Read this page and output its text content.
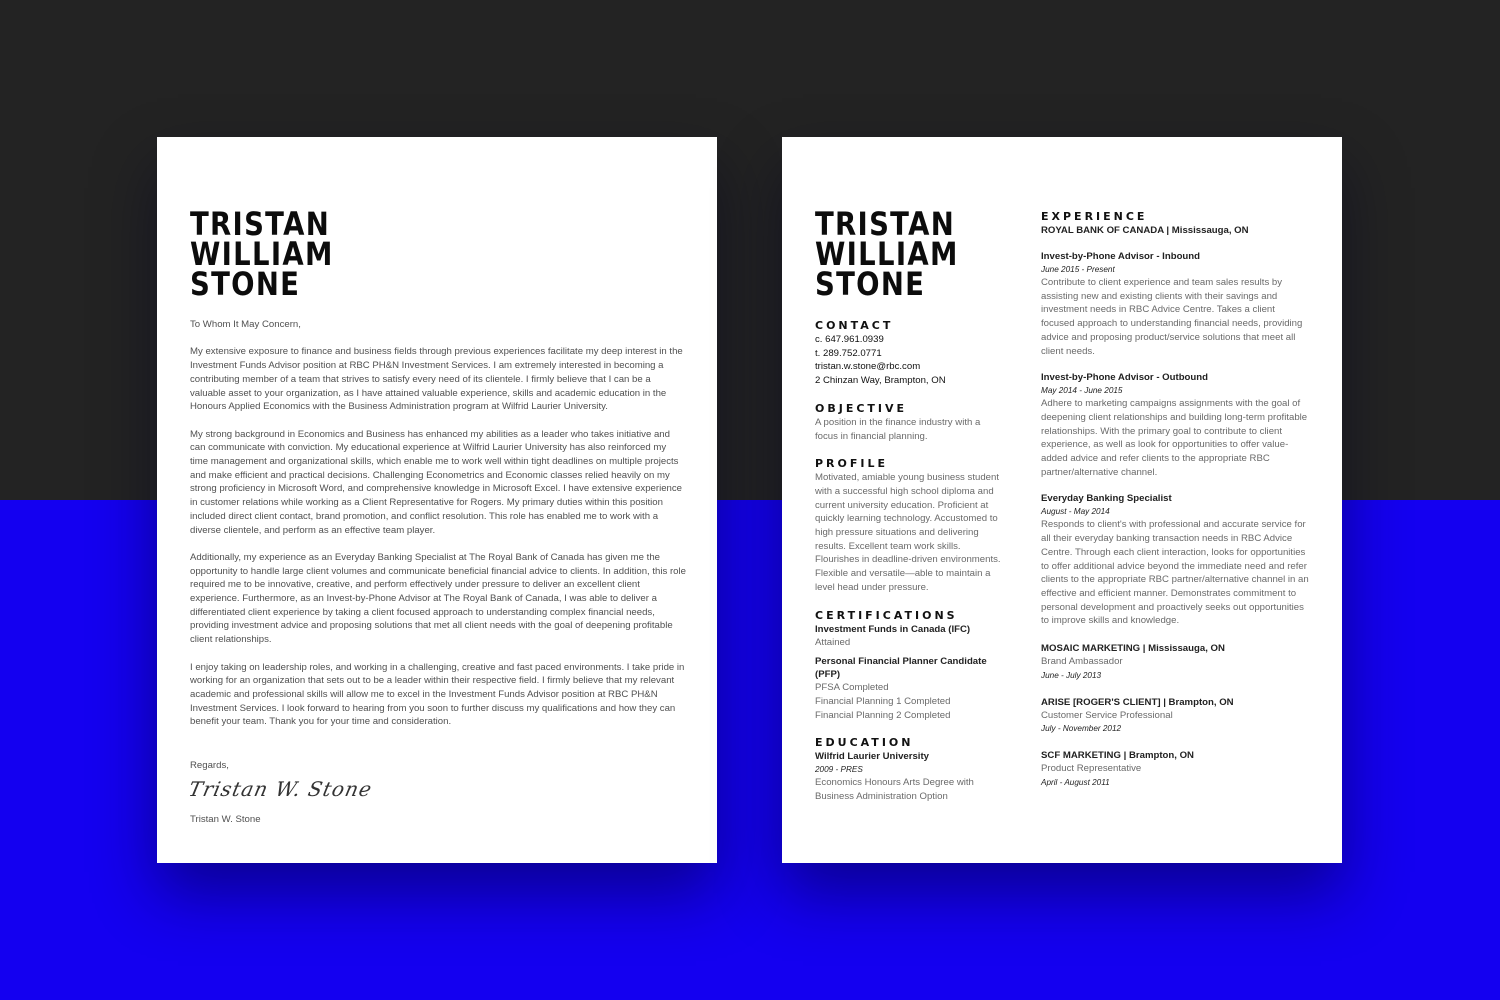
TRISTAN
WILLIAM
STONE

To Whom It May Concern,

My extensive exposure to finance and business fields through previous experiences facilitate my deep interest in the Investment Funds Advisor position at RBC PH&N Investment Services. I am extremely interested in becoming a contributing member of a team that strives to satisfy every need of its clientele. I firmly believe that I can be a valuable asset to your organization, as I have attained valuable experience, skills and academic education in the Honours Applied Economics with the Business Administration program at Wilfrid Laurier University.

My strong background in Economics and Business has enhanced my abilities as a leader who takes initiative and can communicate with conviction. My educational experience at Wilfrid Laurier University has also reinforced my time management and organizational skills, which enable me to work well within tight deadlines on multiple projects and make efficient and practical decisions. Challenging Econometrics and Economic classes relied heavily on my strong proficiency in Microsoft Word, and comprehensive knowledge in Microsoft Excel. I have extensive experience in customer relations while working as a Client Representative for Rogers. My primary duties within this position included direct client contact, brand promotion, and conflict resolution. This role has enabled me to work with a diverse clientele, and perform as an effective team player.

Additionally, my experience as an Everyday Banking Specialist at The Royal Bank of Canada has given me the opportunity to handle large client volumes and communicate beneficial financial advice to clients. In addition, this role required me to be innovative, creative, and perform effectively under pressure to deliver an excellent client experience. Furthermore, as an Invest-by-Phone Advisor at The Royal Bank of Canada, I was able to deliver a differentiated client experience by taking a client focused approach to understanding complex financial needs, providing investment advice and proposing solutions that met all client needs with the goal of deepening profitable client relationships.

I enjoy taking on leadership roles, and working in a challenging, creative and fast paced environments. I take pride in working for an organization that sets out to be a leader within their respective field. I firmly believe that my relevant academic and professional skills will allow me to excel in the Investment Funds Advisor position at RBC PH&N Investment Services. I look forward to hearing from you soon to further discuss my qualifications and how they can benefit your team. Thank you for your time and consideration.

Regards,
Tristan W. Stone
Tristan W. Stone
TRISTAN
WILLIAM
STONE
CONTACT
c. 647.961.0939
t. 289.752.0771
tristan.w.stone@rbc.com
2 Chinzan Way, Brampton, ON
OBJECTIVE

A position in the finance industry with a focus in financial planning.

PROFILE

Motivated, amiable young business student with a successful high school diploma and current university education. Proficient at quickly learning technology. Accustomed to high pressure situations and delivering results. Excellent team work skills. Flourishes in deadline-driven environments. Flexible and versatile—able to maintain a level head under pressure.

CERTIFICATIONS

Investment Funds in Canada (IFC)

Attained

Personal Financial Planner Candidate (PFP)

PFSA Completed

Financial Planning 1 Completed

Financial Planning 2 Completed

EDUCATION

Wilfrid Laurier University

2009 - PRES

Economics Honours Arts Degree with Business Administration Option

EXPERIENCE

ROYAL BANK OF CANADA | Mississauga, ON

Invest-by-Phone Advisor - Inbound

June 2015 - Present

Contribute to client experience and team sales results by assisting new and existing clients with their savings and investment needs in RBC Advice Centre. Takes a client focused approach to understanding financial needs, providing advice and proposing product/service solutions that meet all client needs.

Invest-by-Phone Advisor - Outbound

May 2014 - June 2015

Adhere to marketing campaigns assignments with the goal of deepening client relationships and building long-term profitable relationships. With the primary goal to contribute to client experience, as well as look for opportunities to offer value-added advice and refer clients to the appropriate RBC partner/alternative channel.

Everyday Banking Specialist

August - May 2014

Responds to client's with professional and accurate service for all their everyday banking transaction needs in RBC Advice Centre. Through each client interaction, looks for opportunities to offer additional advice beyond the immediate need and refer clients to the appropriate RBC partner/alternative channel in an effective and efficient manner. Demonstrates commitment to personal development and proactively seeks out opportunities to improve skills and knowledge.

MOSAIC MARKETING | Mississauga, ON

Brand Ambassador

June - July 2013

ARISE [ROGER'S CLIENT] | Brampton, ON

Customer Service Professional

July - November 2012

SCF MARKETING | Brampton, ON

Product Representative

April - August 2011
